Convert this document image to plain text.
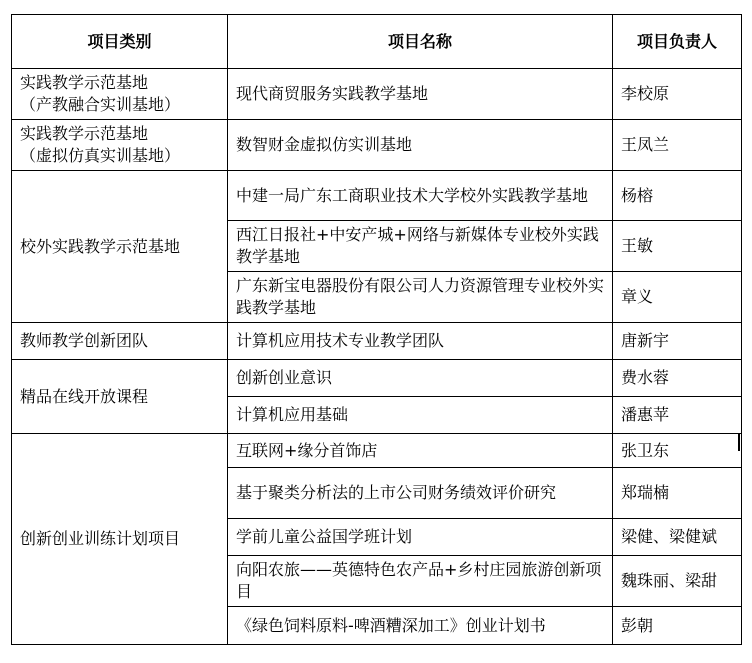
项目类别	项目名称	项目负责人

实践教学示范基地
（产教融合实训基地）	现代商贸服务实践教学基地	李校原

实践教学示范基地
（虚拟仿真实训基地）	数智财金虚拟仿实训基地	王凤兰

校外实践教学示范基地	中建一局广东工商职业技术大学校外实践教学基地	杨榕
	西江日报社+中安产城+网络与新媒体专业校外实践教学基地	王敏
	广东新宝电器股份有限公司人力资源管理专业校外实践教学基地	章义

教师教学创新团队	计算机应用技术专业教学团队	唐新宇

精品在线开放课程	创新创业意识	费水蓉
	计算机应用基础	潘惠苹

创新创业训练计划项目	互联网+缘分首饰店	张卫东
	基于聚类分析法的上市公司财务绩效评价研究	郑瑞楠
	学前儿童公益国学班计划	梁健、梁健斌
	向阳农旅——英德特色农产品+乡村庄园旅游创新项目	魏珠丽、梁甜
	《绿色饲料原料-啤酒糟深加工》创业计划书	彭朝
